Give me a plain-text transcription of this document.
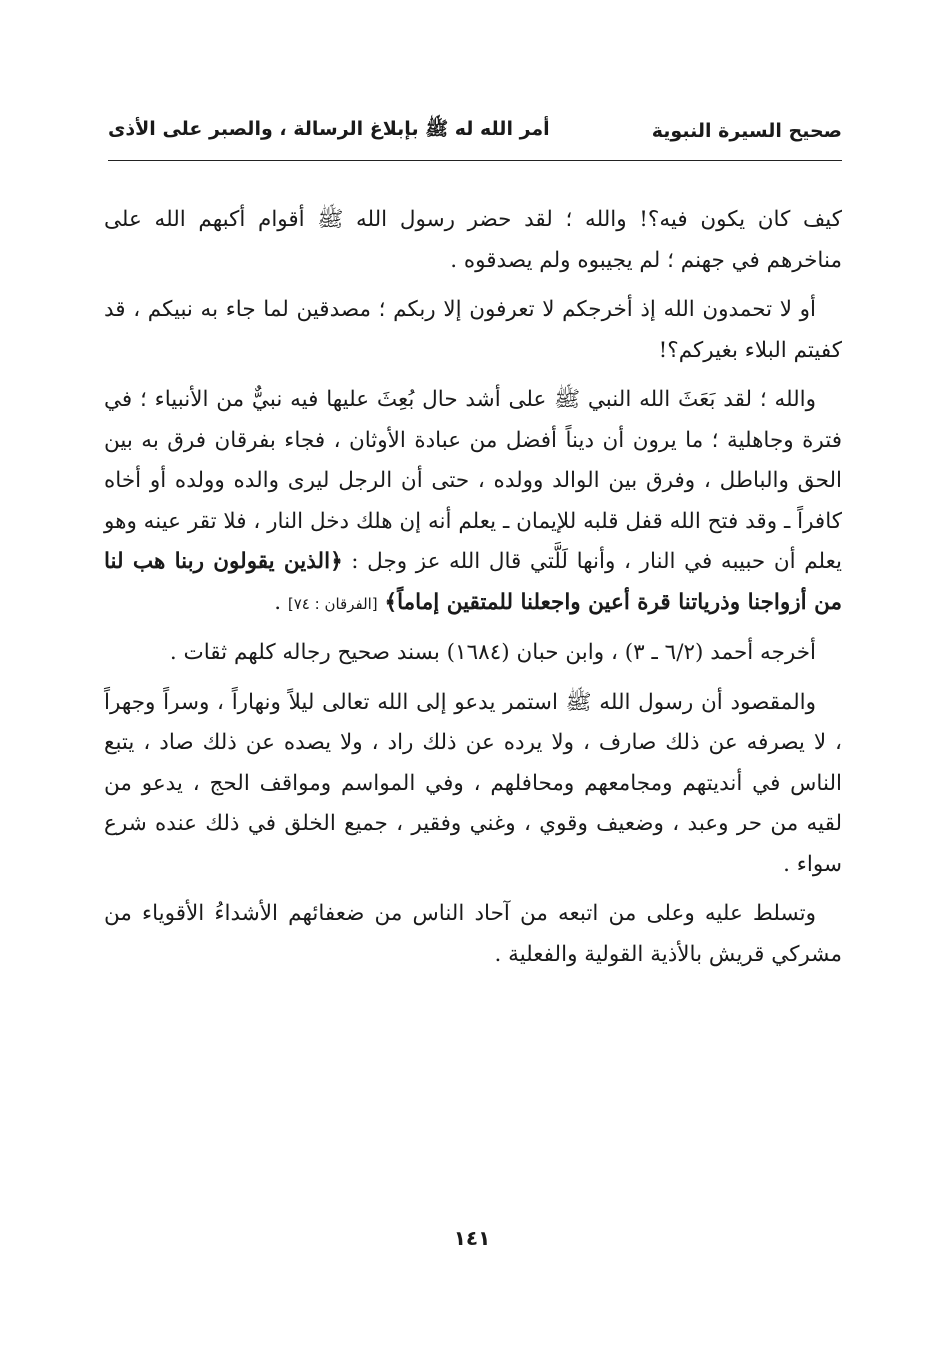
صحيح السيرة النبوية
أمر الله له ﷺ بإبلاغ الرسالة ، والصبر على الأذى

كيف كان يكون فيه؟! والله ؛ لقد حضر رسول الله ﷺ أقوام أكبهم الله على مناخرهم في جهنم ؛ لم يجيبوه ولم يصدقوه .

أو لا تحمدون الله إذ أخرجكم لا تعرفون إلا ربكم ؛ مصدقين لما جاء به نبيكم ، قد كفيتم البلاء بغيركم؟!

والله ؛ لقد بَعَثَ الله النبي ﷺ على أشد حال بُعِثَ عليها فيه نبيٌّ من الأنبياء ؛ في فترة وجاهلية ؛ ما يرون أن ديناً أفضل من عبادة الأوثان ، فجاء بفرقان فرق به بين الحق والباطل ، وفرق بين الوالد وولده ، حتى أن الرجل ليرى والده وولده أو أخاه كافراً ـ وقد فتح الله قفل قلبه للإيمان ـ يعلم أنه إن هلك دخل النار ، فلا تقر عينه وهو يعلم أن حبيبه في النار ، وأنها لَلَّتي قال الله عز وجل : ﴿الذين يقولون ربنا هب لنا من أزواجنا وذرياتنا قرة أعين واجعلنا للمتقين إماماً﴾ [الفرقان : ٧٤] .

أخرجه أحمد (٦/٢ ـ ٣) ، وابن حبان (١٦٨٤) بسند صحيح رجاله كلهم ثقات .

والمقصود أن رسول الله ﷺ استمر يدعو إلى الله تعالى ليلاً ونهاراً ، وسراً وجهراً ، لا يصرفه عن ذلك صارف ، ولا يرده عن ذلك راد ، ولا يصده عن ذلك صاد ، يتبع الناس في أنديتهم ومجامعهم ومحافلهم ، وفي المواسم ومواقف الحج ، يدعو من لقيه من حر وعبد ، وضعيف وقوي ، وغني وفقير ، جميع الخلق في ذلك عنده شرع سواء .

وتسلط عليه وعلى من اتبعه من آحاد الناس من ضعفائهم الأشداءُ الأقوياء من مشركي قريش بالأذية القولية والفعلية .

١٤١
